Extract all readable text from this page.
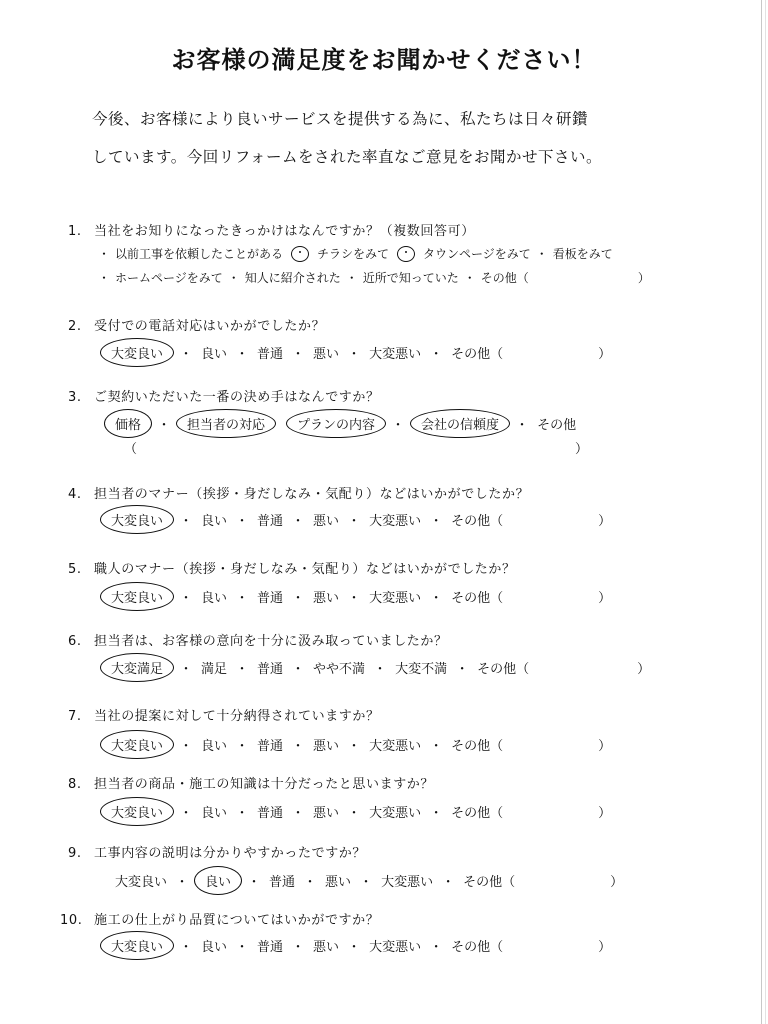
お客様の満足度をお聞かせください！
今後、お客様により良いサービスを提供する為に、私たちは日々研鑽
しています。今回リフォームをされた率直なご意見をお聞かせ下さい。
1. 当社をお知りになったきっかけはなんですか？（複数回答可）
・ 以前工事を依頼したことがある	・ チラシをみて	・ タウンページをみて ・ 看板をみて
・ ホームページをみて ・ 知人に紹介された ・ 近所で知っていた ・ その他（	）
2. 受付での電話対応はいかがでしたか？
大変良い	・ 良い ・ 普通 ・ 悪い ・ 大変悪い ・ その他（	）
3. ご契約いただいた一番の決め手はなんですか？
価格	・	担当者の対応	プランの内容	・	会社の信頼度	・ その他
（	）
4. 担当者のマナー（挨拶・身だしなみ・気配り）などはいかがでしたか？
大変良い	・ 良い ・ 普通 ・ 悪い ・ 大変悪い ・ その他（	）
5. 職人のマナー（挨拶・身だしなみ・気配り）などはいかがでしたか？
大変良い	・ 良い ・ 普通 ・ 悪い ・ 大変悪い ・ その他（	）
6. 担当者は、お客様の意向を十分に汲み取っていましたか？
大変満足	・ 満足 ・ 普通 ・ やや不満 ・ 大変不満 ・ その他（	）
7. 当社の提案に対して十分納得されていますか？
大変良い	・ 良い ・ 普通 ・ 悪い ・ 大変悪い ・ その他（	）
8. 担当者の商品・施工の知識は十分だったと思いますか？
大変良い	・ 良い ・ 普通 ・ 悪い ・ 大変悪い ・ その他（	）
9. 工事内容の説明は分かりやすかったですか？
大変良い ・	良い	・ 普通 ・ 悪い ・ 大変悪い ・ その他（	）
10. 施工の仕上がり品質についてはいかがですか？
大変良い	・ 良い ・ 普通 ・ 悪い ・ 大変悪い ・ その他（	）
